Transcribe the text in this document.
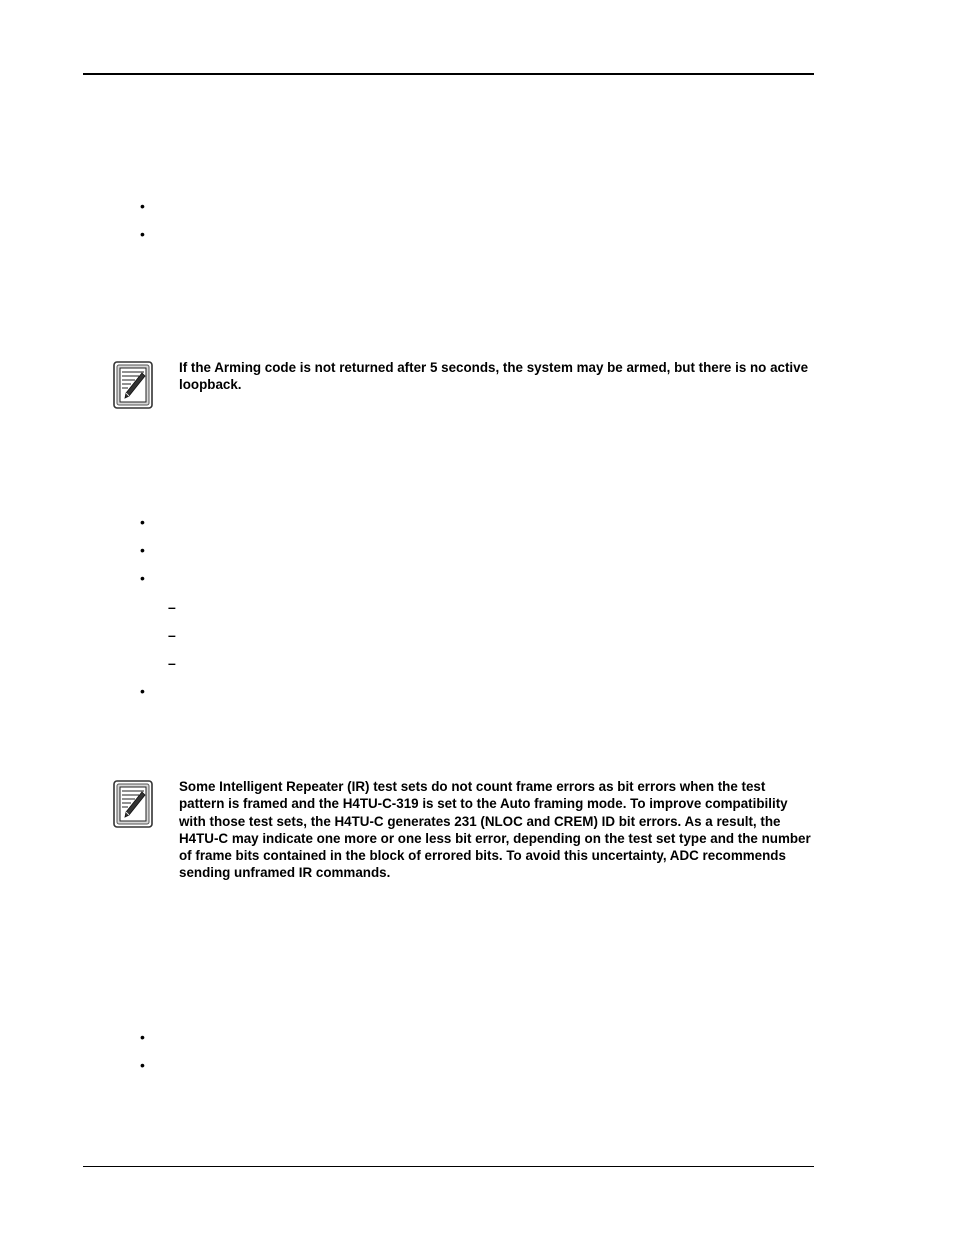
•
•

If the Arming code is not returned after 5 seconds, the system may be armed, but there is no active loopback.

•
•
•
–
–
–
•

Some Intelligent Repeater (IR) test sets do not count frame errors as bit errors when the test pattern is framed and the H4TU-C-319 is set to the Auto framing mode. To improve compatibility with those test sets, the H4TU-C generates 231 (NLOC and CREM) ID bit errors. As a result, the H4TU-C may indicate one more or one less bit error, depending on the test set type and the number of frame bits contained in the block of errored bits. To avoid this uncertainty, ADC recommends sending unframed IR commands.

•
•
